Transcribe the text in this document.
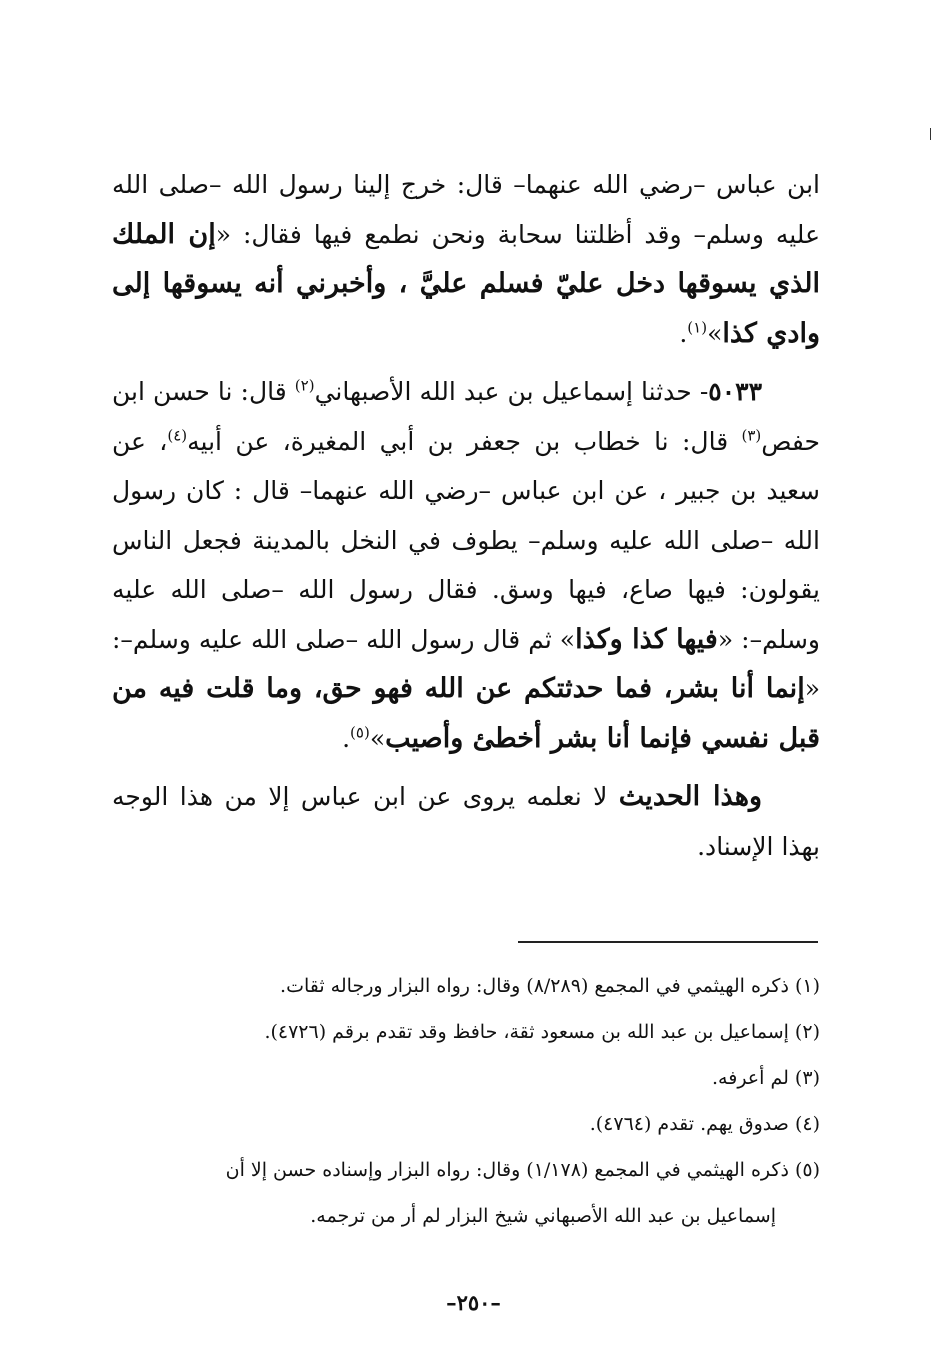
ابن عباس –رضي الله عنهما– قال: خرج إلينا رسول الله –صلى الله عليه وسلم– وقد أظلتنا سحابة ونحن نطمع فيها فقال: «إن الملك الذي يسوقها دخل عليّ فسلم عليَّ ، وأخبرني أنه يسوقها إلى وادي كذا»$^{(١)}$.

٥٠٣٣- حدثنا إسماعيل بن عبد الله الأصبهاني$^{(٢)}$ قال: نا حسن ابن حفص$^{(٣)}$ قال: نا خطاب بن جعفر بن أبي المغيرة، عن أبيه$^{(٤)}$، عن سعيد بن جبير ، عن ابن عباس –رضي الله عنهما– قال : كان رسول الله –صلى الله عليه وسلم– يطوف في النخل بالمدينة فجعل الناس يقولون: فيها صاع، فيها وسق. فقال رسول الله –صلى الله عليه وسلم–: «فيها كذا وكذا» ثم قال رسول الله –صلى الله عليه وسلم–: «إنما أنا بشر، فما حدثتكم عن الله فهو حق، وما قلت فيه من قبل نفسي فإنما أنا بشر أخطئ وأصيب»$^{(٥)}$.

وهذا الحديث لا نعلمه يروى عن ابن عباس إلا من هذا الوجه بهذا الإسناد.

(١) ذكره الهيثمي في المجمع (٨/٢٨٩) وقال: رواه البزار ورجاله ثقات.

(٢) إسماعيل بن عبد الله بن مسعود ثقة، حافظ وقد تقدم برقم (٤٧٢٦).

(٣) لم أعرفه.

(٤) صدوق يهم. تقدم (٤٧٦٤).

(٥) ذكره الهيثمي في المجمع (١/١٧٨) وقال: رواه البزار وإسناده حسن إلا أن

إسماعيل بن عبد الله الأصبهاني شيخ البزار لم أر من ترجمه.

–٢٥٠–
